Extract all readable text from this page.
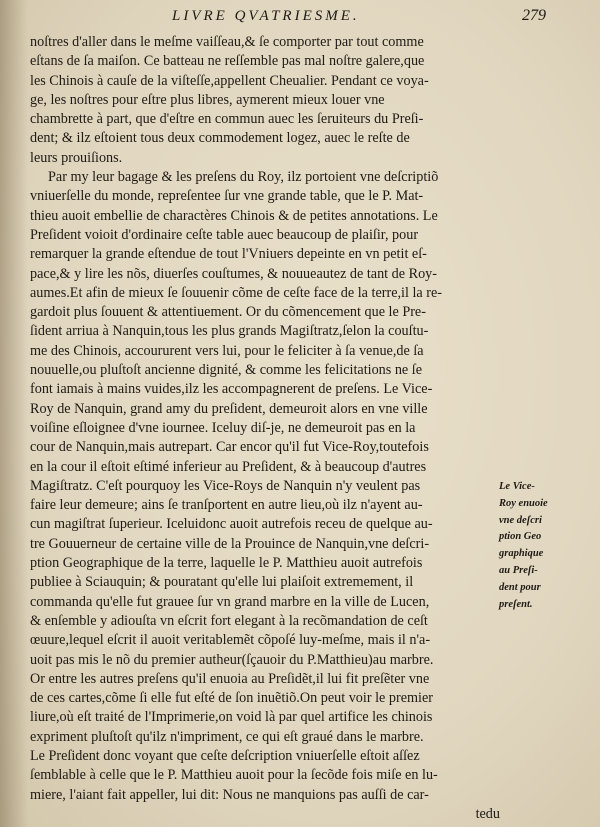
LIVRE QVATRIESME.	279
noſtres d'aller dans le meſme vaiſſeau,& ſe comporter par tout comme
eſtans de ſa maiſon. Ce batteau ne reſſemble pas mal noſtre galere,que
les Chinois à cauſe de la viſteſſe,appellent Cheualier. Pendant ce voya-
ge, les noſtres pour eſtre plus libres, aymerent mieux louer vne
chambrette à part, que d'eſtre en commun auec les ſeruiteurs du Preſi-
dent; & ilz eſtoient tous deux commodement logez, auec le reſte de
leurs prouiſions.
Par my leur bagage & les preſens du Roy, ilz portoient vne deſcriptiõ
vniuerſelle du monde, repreſentee ſur vne grande table, que le P. Mat-
thieu auoit embellie de charactères Chinois & de petites annotations. Le
Preſident voioit d'ordinaire ceſte table auec beaucoup de plaiſir, pour
remarquer la grande eſtendue de tout l'Vniuers depeinte en vn petit eſ-
pace,& y lire les nõs, diuerſes couſtumes, & nouueautez de tant de Roy-
aumes.Et afin de mieux ſe ſouuenir cõme de ceſte face de la terre,il la re-
gardoit plus ſouuent & attentiuement. Or du cõmencement que le Pre-
ſident arriua à Nanquin,tous les plus grands Magiſtratz,ſelon la couſtu-
me des Chinois, accoururent vers lui, pour le feliciter à ſa venue,de ſa
nouuelle,ou pluſtoſt ancienne dignité, & comme les felicitations ne ſe
font iamais à mains vuides,ilz les accompagnerent de preſens. Le Vice-
Roy de Nanquin, grand amy du preſident, demeuroit alors en vne ville
voiſine eſloignee d'vne iournee. Iceluy diſ-je, ne demeuroit pas en la
cour de Nanquin,mais autrepart. Car encor qu'il fut Vice-Roy,toutefois
en la cour il eſtoit eſtimé inferieur au Preſident, & à beaucoup d'autres
Magiſtratz. C'eſt pourquoy les Vice-Roys de Nanquin n'y veulent pas
faire leur demeure; ains ſe tranſportent en autre lieu,où ilz n'ayent au-
cun magiſtrat ſuperieur. Iceluidonc auoit autrefois receu de quelque au-
tre Gouuerneur de certaine ville de la Prouince de Nanquin,vne deſcri-
ption Geographique de la terre, laquelle le P. Matthieu auoit autrefois
publiee à Sciauquin; & pouratant qu'elle lui plaiſoit extremement, il
commanda qu'elle fut grauee ſur vn grand marbre en la ville de Lucen,
& enſemble y adiouſta vn eſcrit fort elegant à la recõmandation de ceſt
œuure,lequel eſcrit il auoit veritablemẽt cõpoſé luy-meſme, mais il n'a-
uoit pas mis le nõ du premier autheur(ſçauoir du P.Matthieu)au marbre.
Or entre les autres preſens qu'il enuoia au Preſidẽt,il lui fit preſẽter vne
de ces cartes,cõme ſi elle fut eſté de ſon inuẽtiõ.On peut voir le premier
liure,où eſt traité de l'Imprimerie,on void là par quel artifice les chinois
expriment pluſtoſt qu'ilz n'impriment, ce qui eſt graué dans le marbre.
Le Preſident donc voyant que ceſte deſcription vniuerſelle eſtoit aſſez
ſemblable à celle que le P. Matthieu auoit pour la ſecõde fois miſe en lu-
miere, l'aiant fait appeller, lui dit: Nous ne manquions pas auſſi de car-
tedu
Le Vice-
Roy enuoie
vne deſcri
ption Geo
graphique
au Preſi-
dent pour
preſent.
